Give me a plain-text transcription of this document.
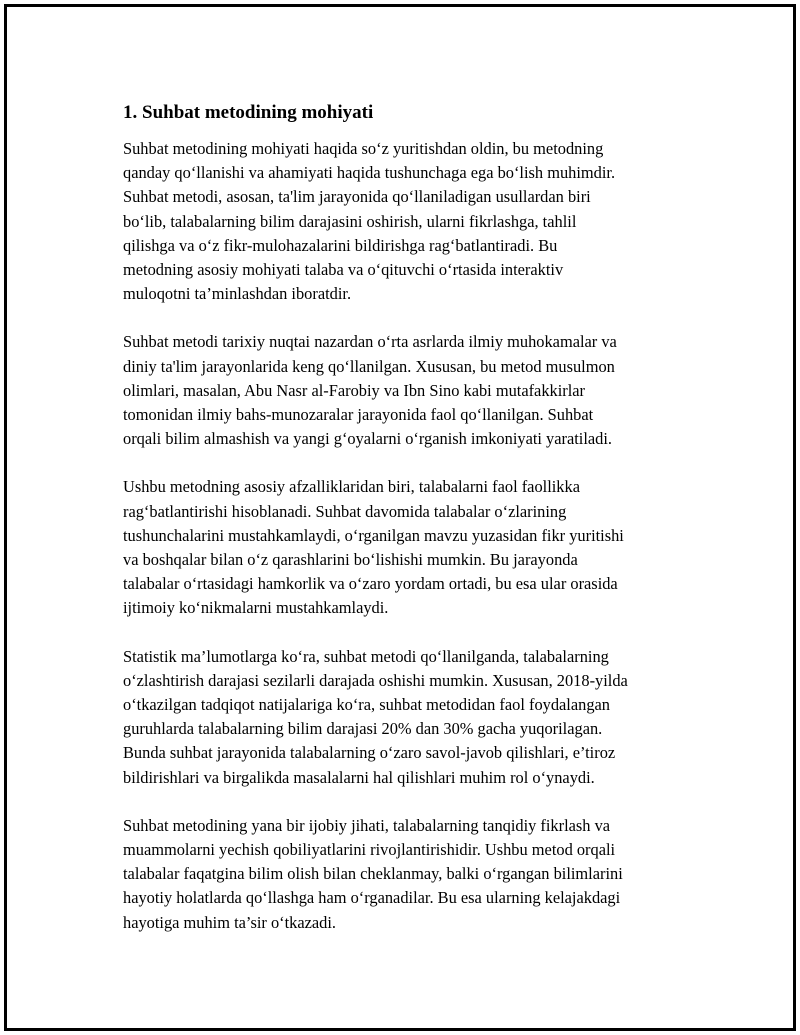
1. Suhbat metodining mohiyati

Suhbat metodining mohiyati haqida so‘z yuritishdan oldin, bu metodning
qanday qo‘llanishi va ahamiyati haqida tushunchaga ega bo‘lish muhimdir.
Suhbat metodi, asosan, ta'lim jarayonida qo‘llaniladigan usullardan biri
bo‘lib, talabalarning bilim darajasini oshirish, ularni fikrlashga, tahlil
qilishga va o‘z fikr-mulohazalarini bildirishga rag‘batlantiradi. Bu
metodning asosiy mohiyati talaba va o‘qituvchi o‘rtasida interaktiv
muloqotni ta’minlashdan iboratdir.

Suhbat metodi tarixiy nuqtai nazardan o‘rta asrlarda ilmiy muhokamalar va
diniy ta'lim jarayonlarida keng qo‘llanilgan. Xususan, bu metod musulmon
olimlari, masalan, Abu Nasr al-Farobiy va Ibn Sino kabi mutafakkirlar
tomonidan ilmiy bahs-munozaralar jarayonida faol qo‘llanilgan. Suhbat
orqali bilim almashish va yangi g‘oyalarni o‘rganish imkoniyati yaratiladi.

Ushbu metodning asosiy afzalliklaridan biri, talabalarni faol faollikka
rag‘batlantirishi hisoblanadi. Suhbat davomida talabalar o‘zlarining
tushunchalarini mustahkamlaydi, o‘rganilgan mavzu yuzasidan fikr yuritishi
va boshqalar bilan o‘z qarashlarini bo‘lishishi mumkin. Bu jarayonda
talabalar o‘rtasidagi hamkorlik va o‘zaro yordam ortadi, bu esa ular orasida
ijtimoiy ko‘nikmalarni mustahkamlaydi.

Statistik ma’lumotlarga ko‘ra, suhbat metodi qo‘llanilganda, talabalarning
o‘zlashtirish darajasi sezilarli darajada oshishi mumkin. Xususan, 2018-yilda
o‘tkazilgan tadqiqot natijalariga ko‘ra, suhbat metodidan faol foydalangan
guruhlarda talabalarning bilim darajasi 20% dan 30% gacha yuqorilagan.
Bunda suhbat jarayonida talabalarning o‘zaro savol-javob qilishlari, e’tiroz
bildirishlari va birgalikda masalalarni hal qilishlari muhim rol o‘ynaydi.

Suhbat metodining yana bir ijobiy jihati, talabalarning tanqidiy fikrlash va
muammolarni yechish qobiliyatlarini rivojlantirishidir. Ushbu metod orqali
talabalar faqatgina bilim olish bilan cheklanmay, balki o‘rgangan bilimlarini
hayotiy holatlarda qo‘llashga ham o‘rganadilar. Bu esa ularning kelajakdagi
hayotiga muhim ta’sir o‘tkazadi.
